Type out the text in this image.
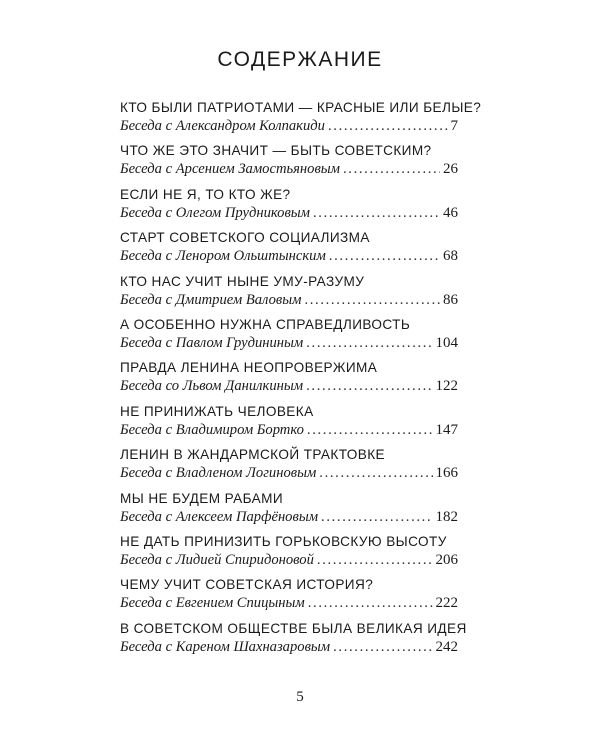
СОДЕРЖАНИЕ
КТО БЫЛИ ПАТРИОТАМИ — КРАСНЫЕ ИЛИ БЕЛЫЕ?
Беседа с Александром Колпакиди . . .	7
ЧТО ЖЕ ЭТО ЗНАЧИТ — БЫТЬ СОВЕТСКИМ?
Беседа с Арсением Замостьяновым . . .	26
ЕСЛИ НЕ Я, ТО КТО ЖЕ?
Беседа с Олегом Прудниковым . . .	46
СТАРТ СОВЕТСКОГО СОЦИАЛИЗМА
Беседа с Ленором Ольштынским . . .	68
КТО НАС УЧИТ НЫНЕ УМУ-РАЗУМУ
Беседа с Дмитрием Валовым . . .	86
А ОСОБЕННО НУЖНА СПРАВЕДЛИВОСТЬ
Беседа с Павлом Грудининым . . .	104
ПРАВДА ЛЕНИНА НЕОПРОВЕРЖИМА
Беседа со Львом Данилкиным . . .	122
НЕ ПРИНИЖАТЬ ЧЕЛОВЕКА
Беседа с Владимиром Бортко . . .	147
ЛЕНИН В ЖАНДАРМСКОЙ ТРАКТОВКЕ
Беседа с Владленом Логиновым . . .	166
МЫ НЕ БУДЕМ РАБАМИ
Беседа с Алексеем Парфёновым . . .	182
НЕ ДАТЬ ПРИНИЗИТЬ ГОРЬКОВСКУЮ ВЫСОТУ
Беседа с Лидией Спиридоновой . . .	206
ЧЕМУ УЧИТ СОВЕТСКАЯ ИСТОРИЯ?
Беседа с Евгением Спицыным . . .	222
В СОВЕТСКОМ ОБЩЕСТВЕ БЫЛА ВЕЛИКАЯ ИДЕЯ
Беседа с Кареном Шахназаровым . . .	242
5
